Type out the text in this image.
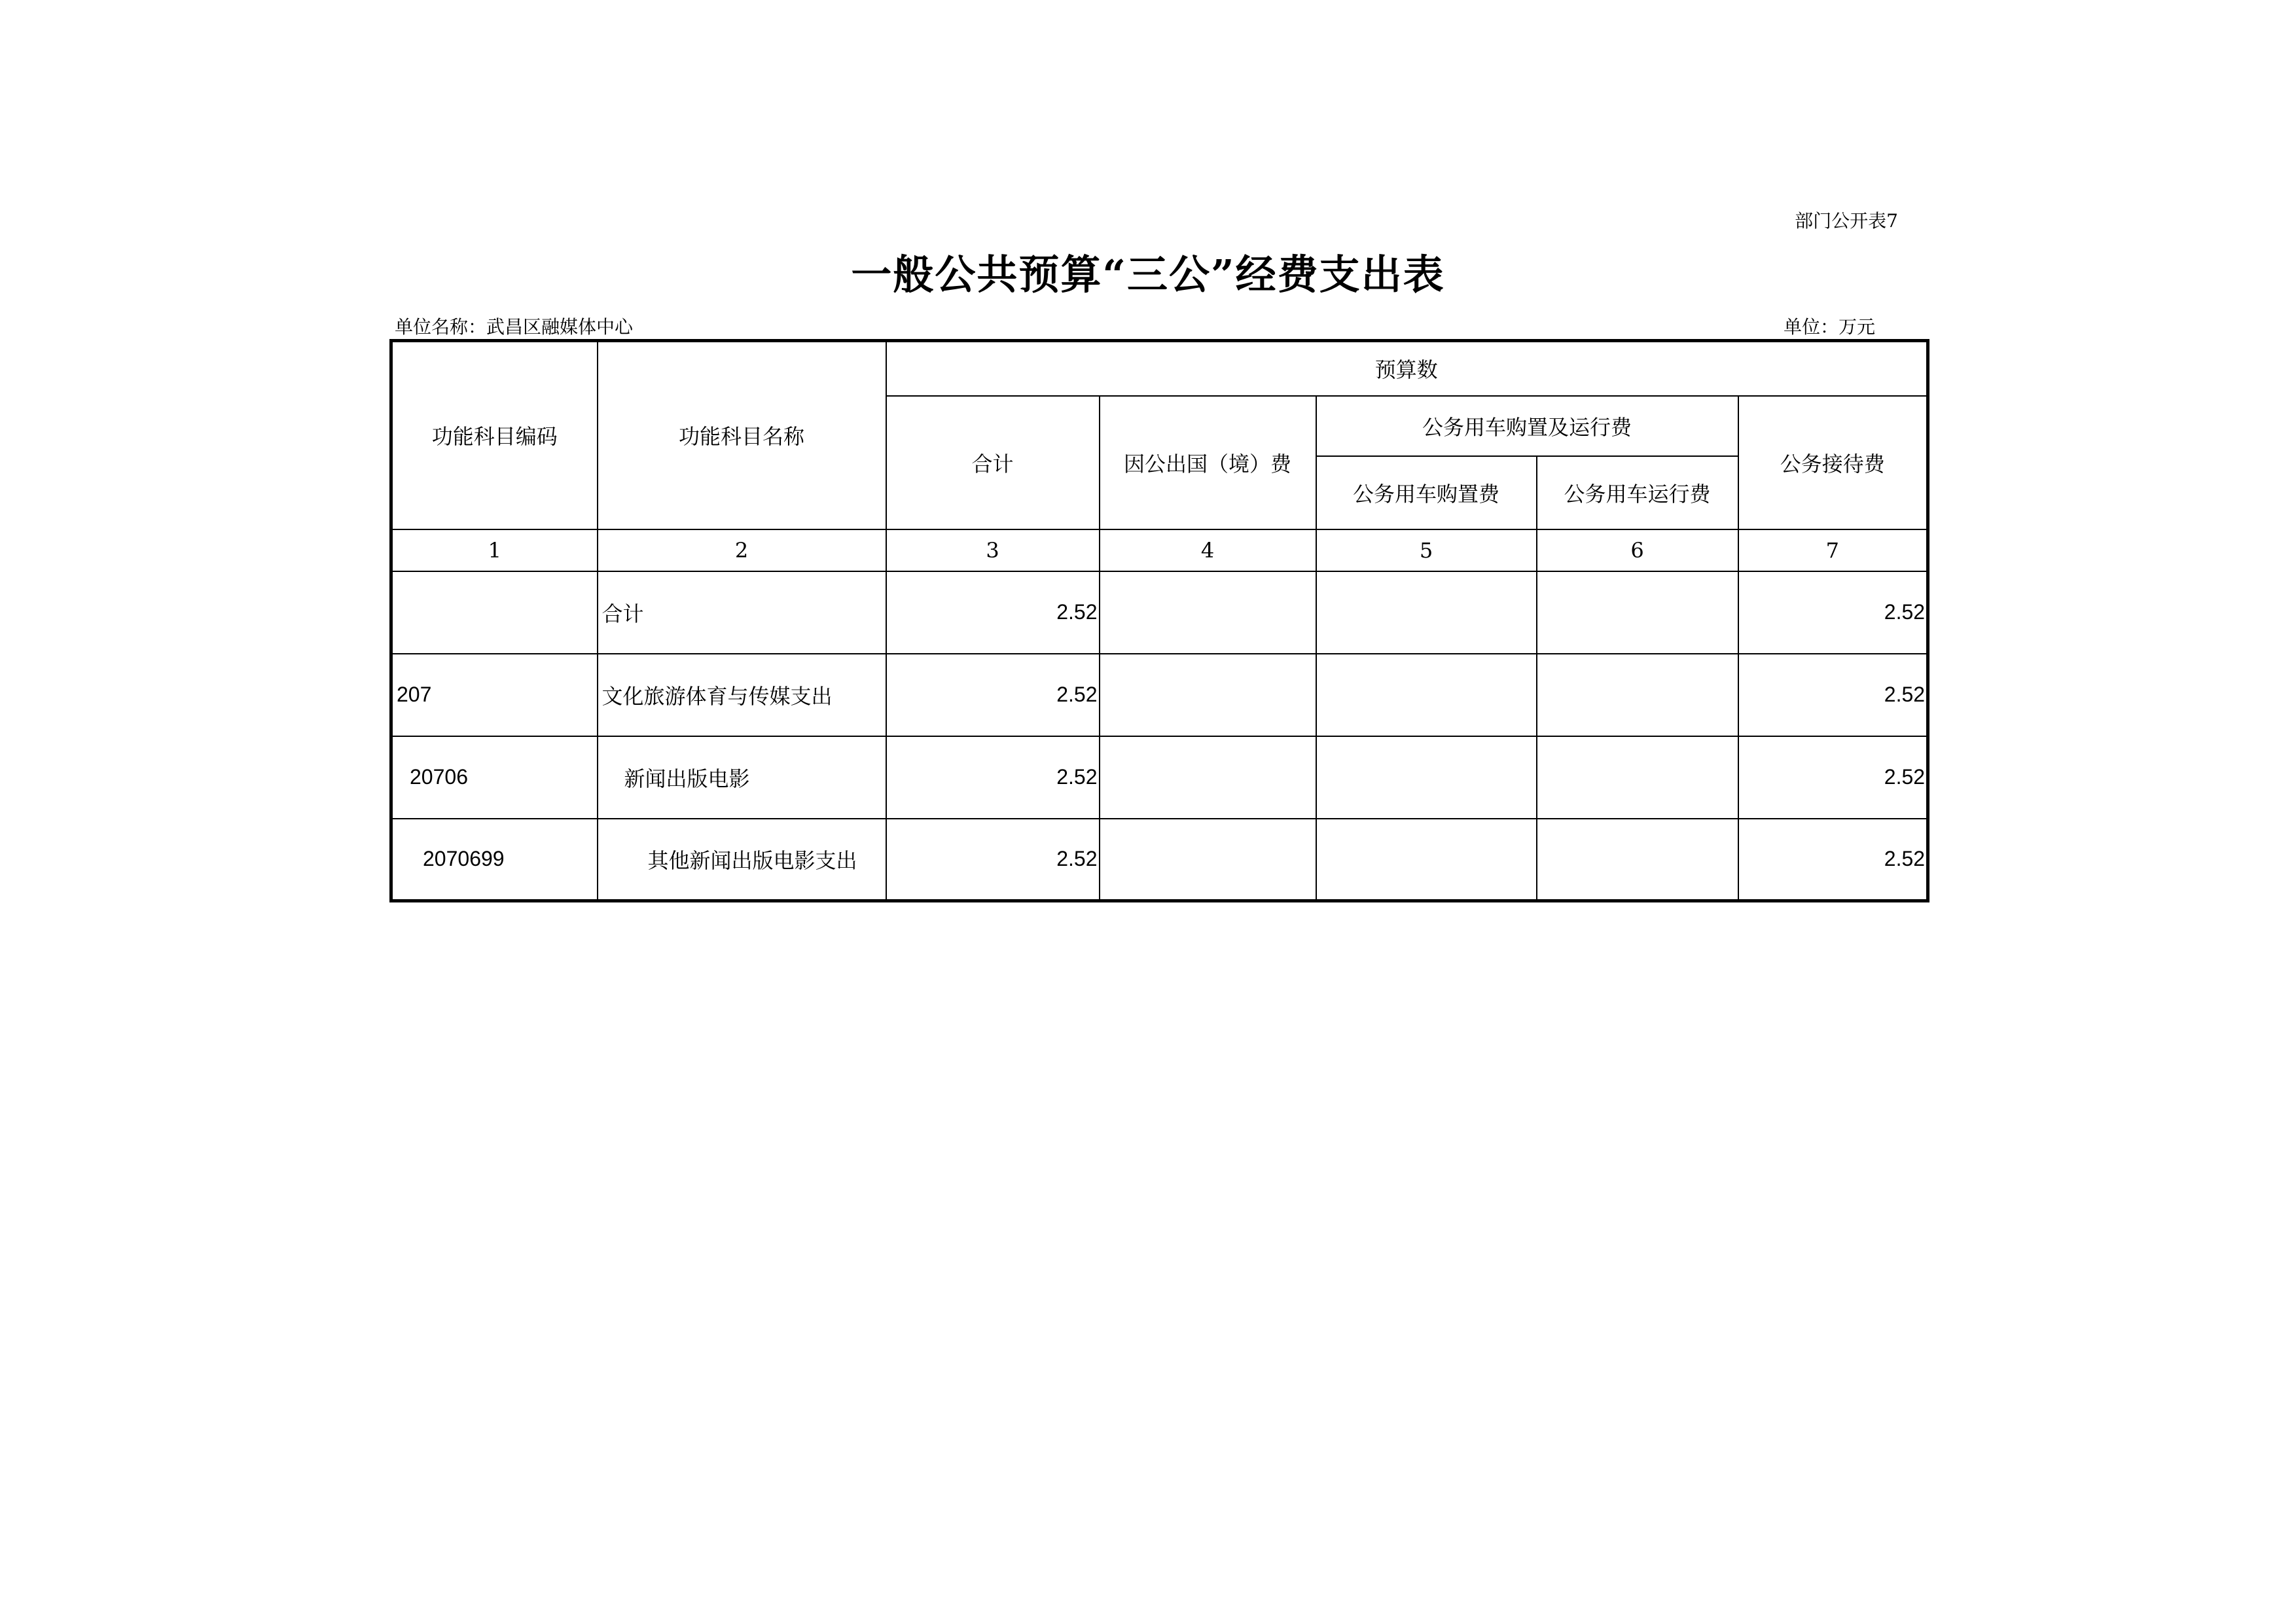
部门公开表7
一般公共预算“三公”经费支出表
单位名称：武昌区融媒体中心	单位：万元
功能科目编码	功能科目名称	预算数				
		合计	因公出国（境）费	公务用车购置及运行费		公务接待费
				公务用车购置费	公务用车运行费	
1	2	3	4	5	6	7
	合计	2.52				2.52
207	文化旅游体育与传媒支出	2.52				2.52
20706	新闻出版电影	2.52				2.52
2070699	其他新闻出版电影支出	2.52				2.52
